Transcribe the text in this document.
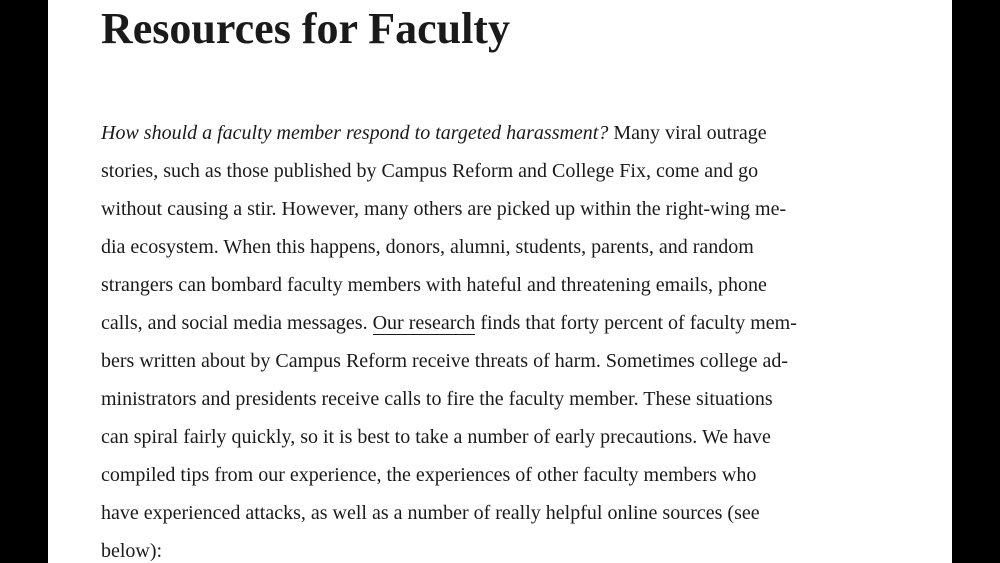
Resources for Faculty
How should a faculty member respond to targeted harassment? Many viral outrage
stories, such as those published by Campus Reform and College Fix, come and go
without causing a stir. However, many others are picked up within the right-wing me-
dia ecosystem. When this happens, donors, alumni, students, parents, and random
strangers can bombard faculty members with hateful and threatening emails, phone
calls, and social media messages. Our research finds that forty percent of faculty mem-
bers written about by Campus Reform receive threats of harm. Sometimes college ad-
ministrators and presidents receive calls to fire the faculty member. These situations
can spiral fairly quickly, so it is best to take a number of early precautions. We have
compiled tips from our experience, the experiences of other faculty members who
have experienced attacks, as well as a number of really helpful online sources (see
below):
